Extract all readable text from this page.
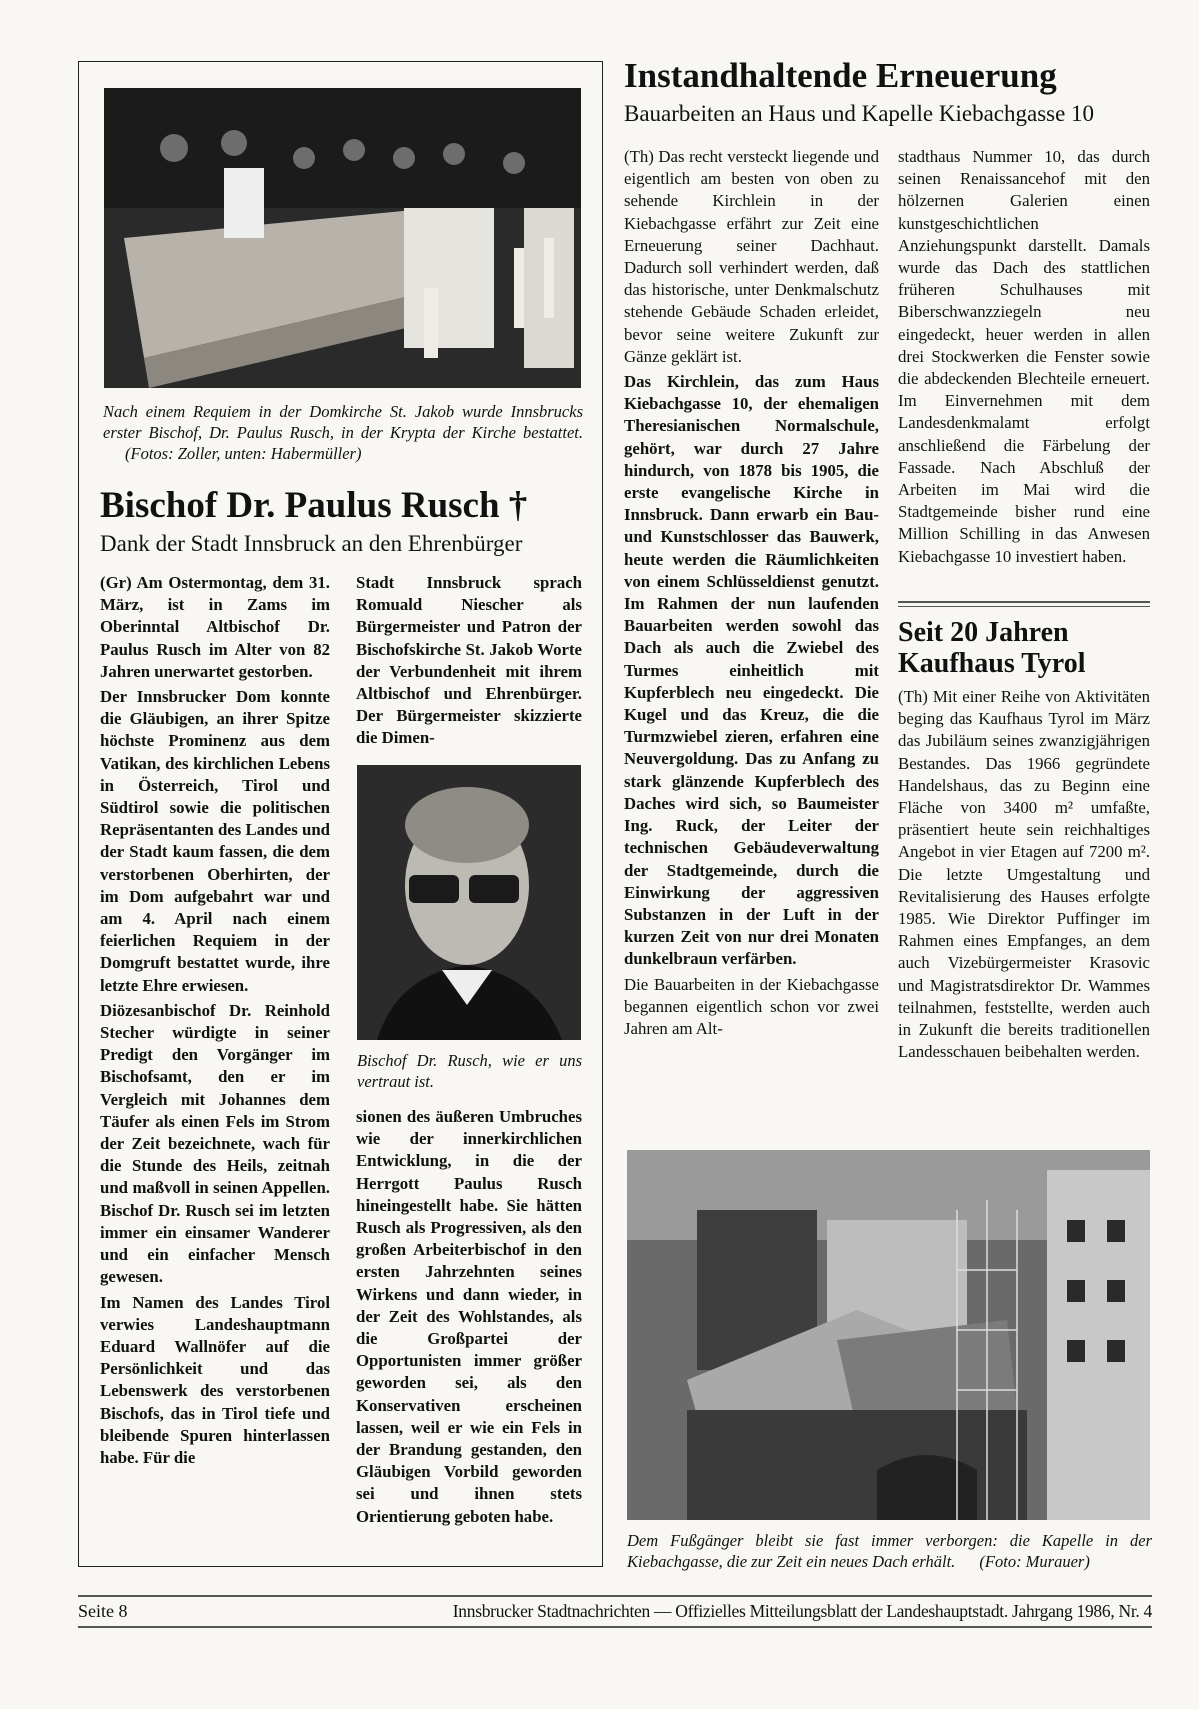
Nach einem Requiem in der Domkirche St. Jakob wurde Innsbrucks erster Bischof, Dr. Paulus Rusch, in der Krypta der Kirche bestattet. (Fotos: Zoller, unten: Habermüller)
Bischof Dr. Paulus Rusch †
Dank der Stadt Innsbruck an den Ehrenbürger

(Gr) Am Ostermontag, dem 31. März, ist in Zams im Oberinntal Altbischof Dr. Paulus Rusch im Alter von 82 Jahren unerwartet gestorben.

Der Innsbrucker Dom konnte die Gläubigen, an ihrer Spitze höchste Prominenz aus dem Vatikan, des kirchlichen Lebens in Österreich, Tirol und Südtirol sowie die politischen Repräsentanten des Landes und der Stadt kaum fassen, die dem verstorbenen Oberhirten, der im Dom aufgebahrt war und am 4. April nach einem feierlichen Requiem in der Domgruft bestattet wurde, ihre letzte Ehre erwiesen.

Diözesanbischof Dr. Reinhold Stecher würdigte in seiner Predigt den Vorgänger im Bischofsamt, den er im Vergleich mit Johannes dem Täufer als einen Fels im Strom der Zeit bezeichnete, wach für die Stunde des Heils, zeitnah und maßvoll in seinen Appellen. Bischof Dr. Rusch sei im letzten immer ein einsamer Wanderer und ein einfacher Mensch gewesen.

Im Namen des Landes Tirol verwies Landeshauptmann Eduard Wallnöfer auf die Persönlichkeit und das Lebenswerk des verstorbenen Bischofs, das in Tirol tiefe und bleibende Spuren hinterlassen habe. Für die

Stadt Innsbruck sprach Romuald Niescher als Bürgermeister und Patron der Bischofskirche St. Jakob Worte der Verbundenheit mit ihrem Altbischof und Ehrenbürger. Der Bürgermeister skizzierte die Dimen-

Bischof Dr. Rusch, wie er uns vertraut ist.

sionen des äußeren Umbruches wie der innerkirchlichen Entwicklung, in die der Herrgott Paulus Rusch hineingestellt habe. Sie hätten Rusch als Progressiven, als den großen Arbeiterbischof in den ersten Jahrzehnten seines Wirkens und dann wieder, in der Zeit des Wohlstandes, als die Großpartei der Opportunisten immer größer geworden sei, als den Konservativen erscheinen lassen, weil er wie ein Fels in der Brandung gestanden, den Gläubigen Vorbild geworden sei und ihnen stets Orientierung geboten habe.

Instandhaltende Erneuerung
Bauarbeiten an Haus und Kapelle Kiebachgasse 10

(Th) Das recht versteckt liegende und eigentlich am besten von oben zu sehende Kirchlein in der Kiebachgasse erfährt zur Zeit eine Erneuerung seiner Dachhaut. Dadurch soll verhindert werden, daß das historische, unter Denkmalschutz stehende Gebäude Schaden erleidet, bevor seine weitere Zukunft zur Gänze geklärt ist.

Das Kirchlein, das zum Haus Kiebachgasse 10, der ehemaligen Theresianischen Normalschule, gehört, war durch 27 Jahre hindurch, von 1878 bis 1905, die erste evangelische Kirche in Innsbruck. Dann erwarb ein Bau- und Kunstschlosser das Bauwerk, heute werden die Räumlichkeiten von einem Schlüsseldienst genutzt. Im Rahmen der nun laufenden Bauarbeiten werden sowohl das Dach als auch die Zwiebel des Turmes einheitlich mit Kupferblech neu eingedeckt. Die Kugel und das Kreuz, die die Turmzwiebel zieren, erfahren eine Neuvergoldung. Das zu Anfang zu stark glänzende Kupferblech des Daches wird sich, so Baumeister Ing. Ruck, der Leiter der technischen Gebäudeverwaltung der Stadtgemeinde, durch die Einwirkung der aggressiven Substanzen in der Luft in der kurzen Zeit von nur drei Monaten dunkelbraun verfärben.

Die Bauarbeiten in der Kiebachgasse begannen eigentlich schon vor zwei Jahren am Alt-

stadthaus Nummer 10, das durch seinen Renaissancehof mit den hölzernen Galerien einen kunstgeschichtlichen Anziehungspunkt darstellt. Damals wurde das Dach des stattlichen früheren Schulhauses mit Biberschwanzziegeln neu eingedeckt, heuer werden in allen drei Stockwerken die Fenster sowie die abdeckenden Blechteile erneuert. Im Einvernehmen mit dem Landesdenkmalamt erfolgt anschließend die Färbelung der Fassade. Nach Abschluß der Arbeiten im Mai wird die Stadtgemeinde bisher rund eine Million Schilling in das Anwesen Kiebachgasse 10 investiert haben.

Seit 20 Jahren
Kaufhaus Tyrol

(Th) Mit einer Reihe von Aktivitäten beging das Kaufhaus Tyrol im März das Jubiläum seines zwanzigjährigen Bestandes. Das 1966 gegründete Handelshaus, das zu Beginn eine Fläche von 3400 m² umfaßte, präsentiert heute sein reichhaltiges Angebot in vier Etagen auf 7200 m². Die letzte Umgestaltung und Revitalisierung des Hauses erfolgte 1985. Wie Direktor Puffinger im Rahmen eines Empfanges, an dem auch Vizebürgermeister Krasovic und Magistratsdirektor Dr. Wammes teilnahmen, feststellte, werden auch in Zukunft die bereits traditionellen Landesschauen beibehalten werden.

Dem Fußgänger bleibt sie fast immer verborgen: die Kapelle in der Kiebachgasse, die zur Zeit ein neues Dach erhält. (Foto: Murauer)
Seite 8	Innsbrucker Stadtnachrichten — Offizielles Mitteilungsblatt der Landeshauptstadt. Jahrgang 1986, Nr. 4
